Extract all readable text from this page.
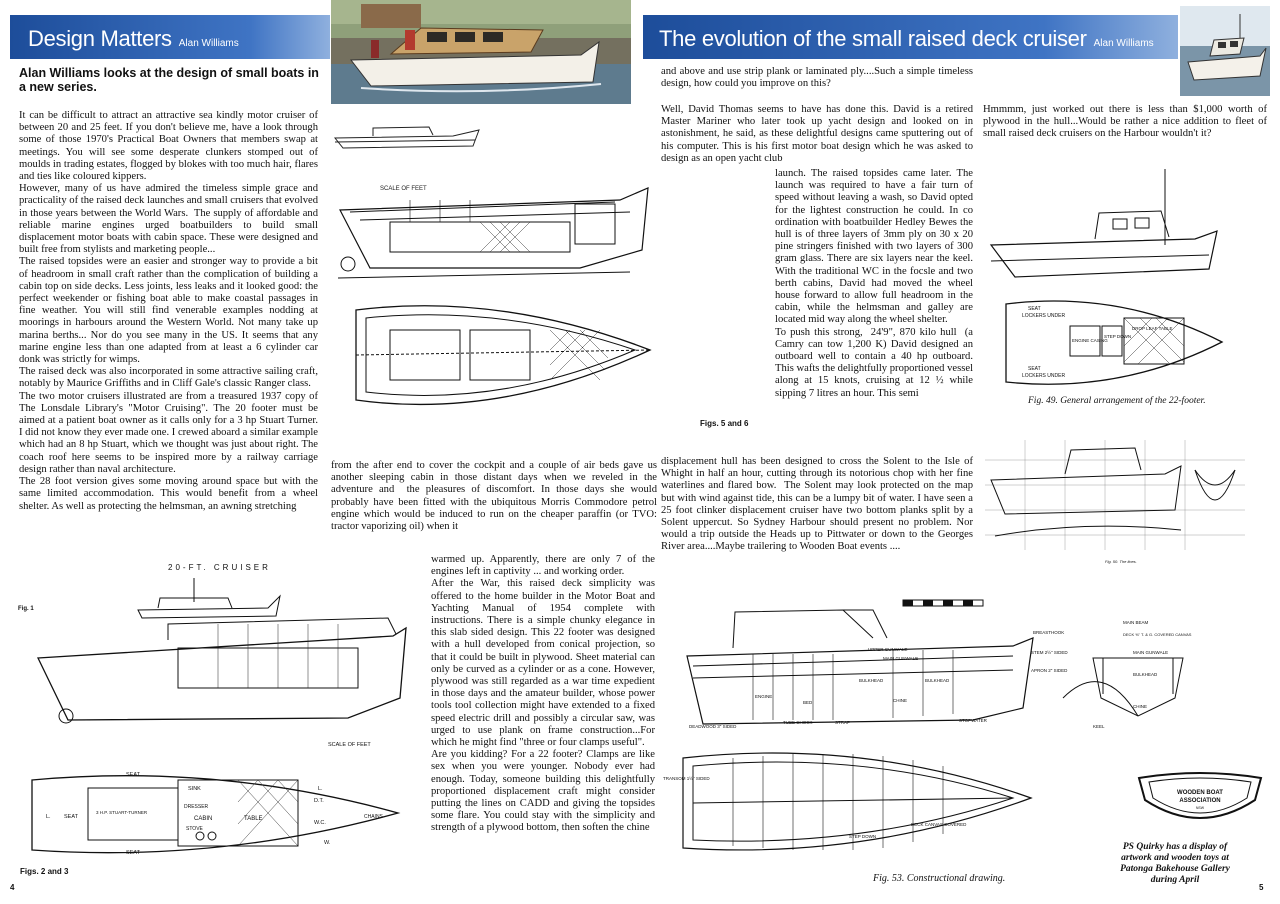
Design Matters Alan Williams
Alan Williams looks at the design of small boats in a new series.
It can be difficult to attract an attractive sea kindly motor cruiser of between 20 and 25 feet. If you don't believe me, have a look through some of those 1970's Practical Boat Owners that members swap at meetings. You will see some desperate clunkers stomped out of moulds in trading estates, flogged by blokes with too much hair, flares and ties like coloured kippers.
However, many of us have admired the timeless simple grace and practicality of the raised deck launches and small cruisers that evolved in those years between the World Wars.  The supply of affordable and reliable marine engines urged boatbuilders to build small displacement motor boats with cabin space. These were designed and built free from stylists and marketing people...
The raised topsides were an easier and stronger way to provide a bit of headroom in small craft rather than the complication of building a cabin top on side decks. Less joints, less leaks and it looked good: the perfect weekender or fishing boat able to make coastal passages in fine weather. You will still find venerable examples nodding at moorings in harbours around the Western World. Not many take up marina berths... Nor do you see many in the US. It seems that any marine engine less than one adapted from at least a 6 cylinder car donk was strictly for wimps.
The raised deck was also incorporated in some attractive sailing craft, notably by Maurice Griffiths and in Cliff Gale's classic Ranger class.
The two motor cruisers illustrated are from a treasured 1937 copy of The Lonsdale Library's "Motor Cruising". The 20 footer must be aimed at a patient boat owner as it calls only for a 3 hp Stuart Turner. I did not know they ever made one. I crewed aboard a similar example which had an 8 hp Stuart, which we thought was just about right. The coach roof here seems to be inspired more by a railway carriage design rather than naval architecture.
The 28 foot version gives some moving around space but with the same limited accommodation. This would benefit from a wheel shelter. As well as protecting the helmsman, an awning stretching
SCALE OF FEET
Figs. 5 and 6
from the after end to cover the cockpit and a couple of air beds gave us another sleeping cabin in those distant days when we reveled in the adventure and  the pleasures of discomfort. In those days she would probably have been fitted with the ubiquitous Morris Commodore petrol engine which would be induced to run on the cheaper paraffin (or TVO: tractor vaporizing oil) when it
warmed up. Apparently, there are only 7 of the engines left in captivity ... and working order.
After the War, this raised deck simplicity was offered to the home builder in the Motor Boat and Yachting Manual of 1954 complete with instructions. There is a simple chunky elegance in this slab sided design. This 22 footer was designed with a hull developed from conical projection, so that it could be built in plywood. Sheet material can only be curved as a cylinder or as a cone. However, plywood was still regarded as a war time expedient in those days and the amateur builder, whose power tools tool collection might have extended to a fixed speed electric drill and possibly a circular saw, was urged to use plank on frame construction...For which he might find "three or four clamps useful".
Are you kidding? For a 22 footer? Clamps are like sex when you were younger. Nobody ever had enough. Today, someone building this delightfully proportioned displacement craft might consider putting the lines on CADD and giving the topsides some flare. You could stay with the simplicity and strength of a plywood bottom, then soften the chine
20-FT. CRUISER
Fig. 1
SCALE OF FEET
SEAT
SINK
DRESSER
CABIN	TABLE
STOVE
D.T.
W.C.
CHAINS
SEAT
L. SEAT
3 H.P. STUART-TURNER
W.
L.
Figs. 2 and 3
4
The evolution of the small raised deck cruiser Alan Williams
and above and use strip plank or laminated ply....Such a simple timeless design, how could you improve on this?
Well, David Thomas seems to have has done this. David is a retired Master Mariner who later took up yacht design and looked on in astonishment, he said, as these delightful designs came sputtering out of his computer. This is his first motor boat design which he was asked to design as an open yacht club
launch. The raised topsides came later. The launch was required to have a fair turn of speed without leaving a wash, so David opted for the lightest construction he could. In co ordination with boatbuilder Hedley Bewes the hull is of three layers of 3mm ply on 30 x 20 pine stringers finished with two layers of 300 gram glass. There are six layers near the keel. With the traditional WC in the focsle and two berth cabins, David had moved the wheel house forward to allow full headroom in the cabin, while the helmsman and galley are located mid way along the wheel shelter.
To push this strong,  24'9", 870 kilo hull  (a Camry can tow 1,200 K) David designed an outboard well to contain a 40 hp outboard. This wafts the delightfully proportioned vessel along at 15 knots, cruising at 12 ½ while sipping 7 litres an hour. This semi
displacement hull has been designed to cross the Solent to the Isle of Whight in half an hour, cutting through its notorious chop with her fine waterlines and flared bow.  The Solent may look protected on the map but with wind against tide, this can be a lumpy bit of water. I have seen a 25 foot clinker displacement cruiser have two bottom planks split by a Solent uppercut. So Sydney Harbour should present no problem. Nor would a trip outside the Heads up to Pittwater or down to the Georges River area....Maybe trailering to Wooden Boat events ....
Hmmmm, just worked out there is less than $1,000 worth of plywood in the hull...Would be rather a nice addition to fleet of small raised deck cruisers on the Harbour wouldn't it?
SEAT
LOCKERS UNDER
ENGINE CASING
STEP DOWN
DROP LEAF TABLE
SEAT
LOCKERS UNDER
Fig. 49. General arrangement of the 22-footer.
Fig. 50. The lines.
UPPER GUNWALE
MAIN GUNWALE
BULKHEAD	BULKHEAD
CHINE
STOPWATER
DEADWOOD 3" SIDED
TUBE CHOCK
ENGINE
BED
STRAP
BREASTHOOK
STEM 2½" SIDED
APRON 2" SIDED
STEP DOWN
DECK CANVAS COVERED
TRANSOM 1½" SIDED
MAIN BEAM
DECK ⅝" T. & G. COVERED CANVAS
MAIN GUNWALE
BULKHEAD
CHINE
KEEL
Fig. 53. Constructional drawing.
WOODEN BOAT
ASSOCIATION
NSW
PS Quirky has a display of artwork and wooden toys at Patonga Bakehouse Gallery during April
5
